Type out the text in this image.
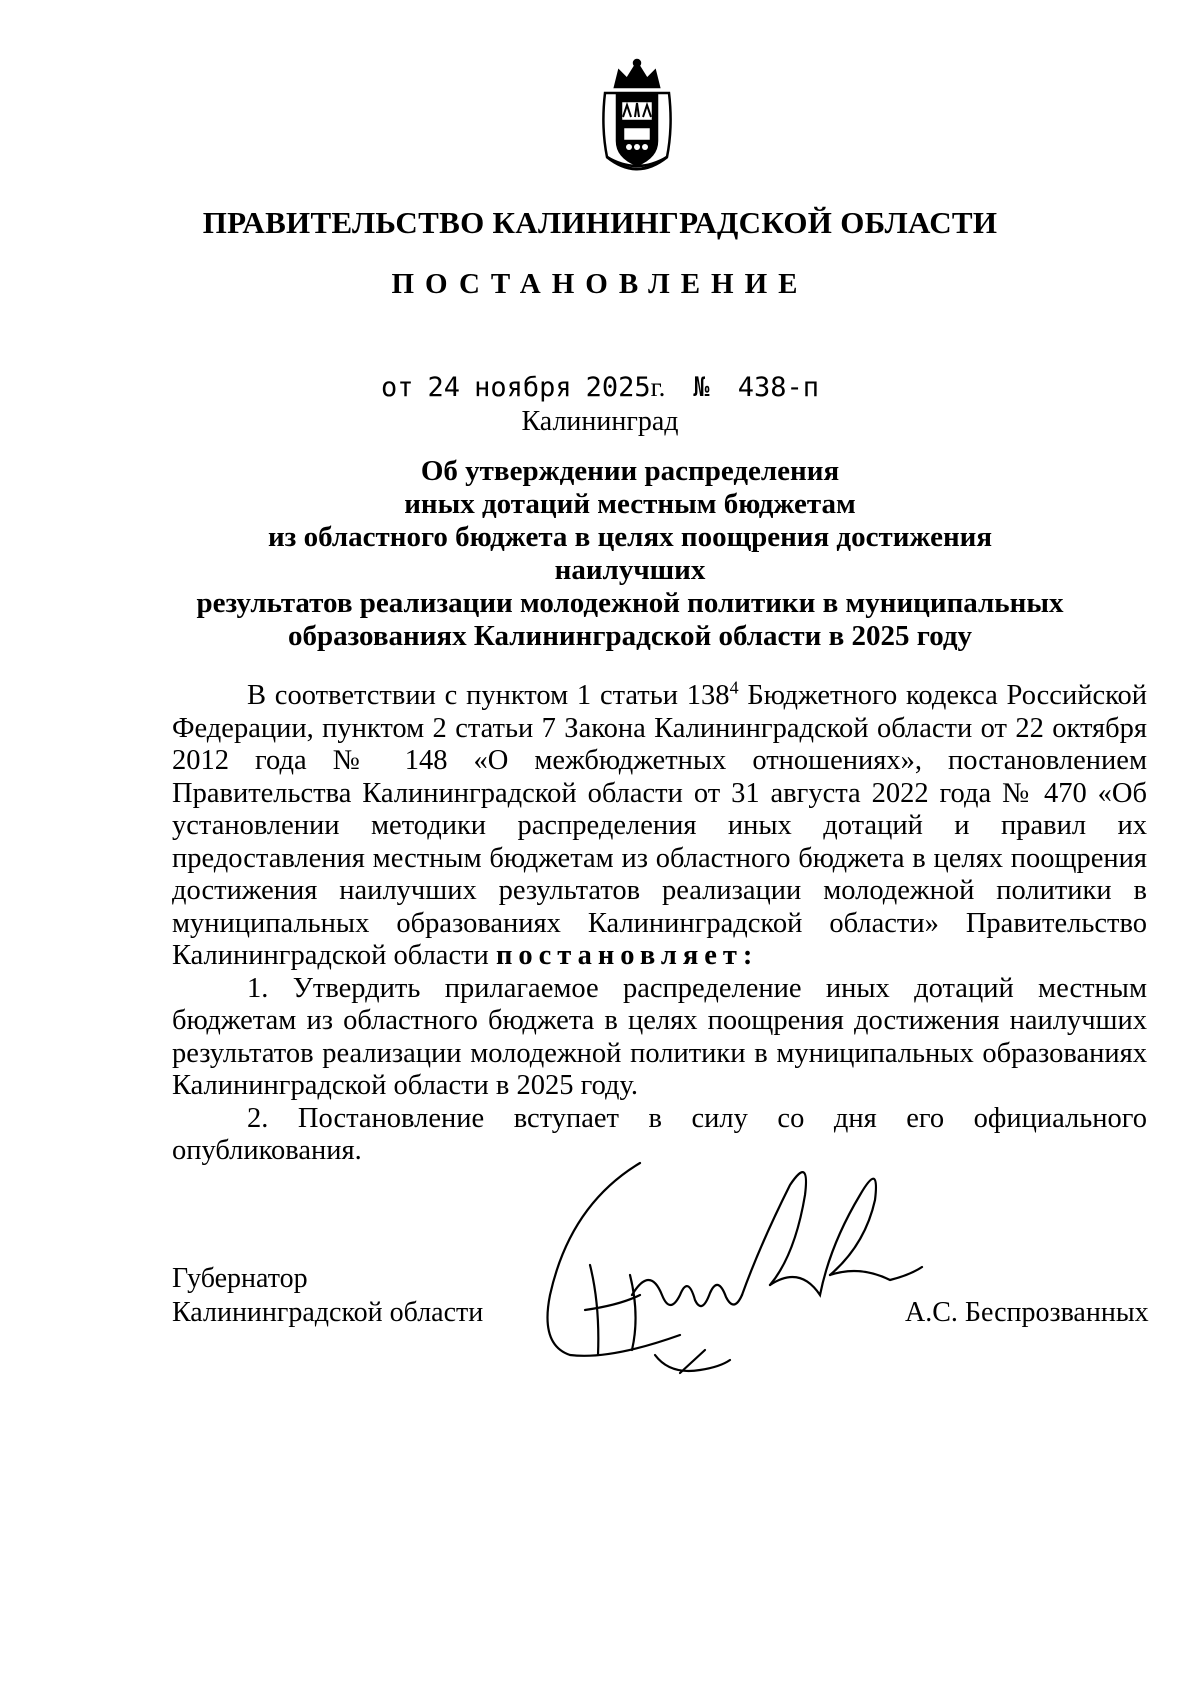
ПРАВИТЕЛЬСТВО КАЛИНИНГРАДСКОЙ ОБЛАСТИ
ПОСТАНОВЛЕНИЕ
от 24 ноября 2025г. № 438-п
Калининград
Об утверждении распределения
иных дотаций местным бюджетам
из областного бюджета в целях поощрения достижения наилучших
результатов реализации молодежной политики в муниципальных
образованиях Калининградской области в 2025 году

В соответствии с пунктом 1 статьи $138^4$ Бюджетного кодекса Российской Федерации, пунктом 2 статьи 7 Закона Калининградской области от 22 октября 2012 года № 148 «О межбюджетных отношениях», постановлением Правительства Калининградской области от 31 августа 2022 года № 470 «Об установлении методики распределения иных дотаций и правил их предоставления местным бюджетам из областного бюджета в целях поощрения достижения наилучших результатов реализации молодежной политики в муниципальных образованиях Калининградской области» Правительство Калининградской области постановляет:

1. Утвердить прилагаемое распределение иных дотаций местным бюджетам из областного бюджета в целях поощрения достижения наилучших результатов реализации молодежной политики в муниципальных образованиях Калининградской области в 2025 году.

2. Постановление вступает в силу со дня его официального опубликования.

Губернатор
Калининградской области	А.С. Беспрозванных
